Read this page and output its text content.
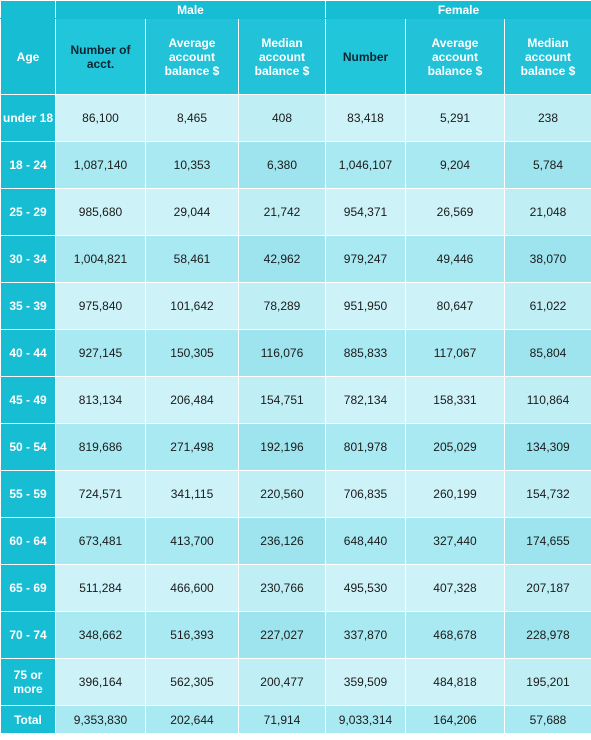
	Male			Female		
Age	Number of acct.	Average account balance $	Median account balance $	Number	Average account balance $	Median account balance $
under 18	86,100	8,465	408	83,418	5,291	238
18 - 24	1,087,140	10,353	6,380	1,046,107	9,204	5,784
25 - 29	985,680	29,044	21,742	954,371	26,569	21,048
30 - 34	1,004,821	58,461	42,962	979,247	49,446	38,070
35 - 39	975,840	101,642	78,289	951,950	80,647	61,022
40 - 44	927,145	150,305	116,076	885,833	117,067	85,804
45 - 49	813,134	206,484	154,751	782,134	158,331	110,864
50 - 54	819,686	271,498	192,196	801,978	205,029	134,309
55 - 59	724,571	341,115	220,560	706,835	260,199	154,732
60 - 64	673,481	413,700	236,126	648,440	327,440	174,655
65 - 69	511,284	466,600	230,766	495,530	407,328	207,187
70 - 74	348,662	516,393	227,027	337,870	468,678	228,978
75 or more	396,164	562,305	200,477	359,509	484,818	195,201
Total	9,353,830	202,644	71,914	9,033,314	164,206	57,688
